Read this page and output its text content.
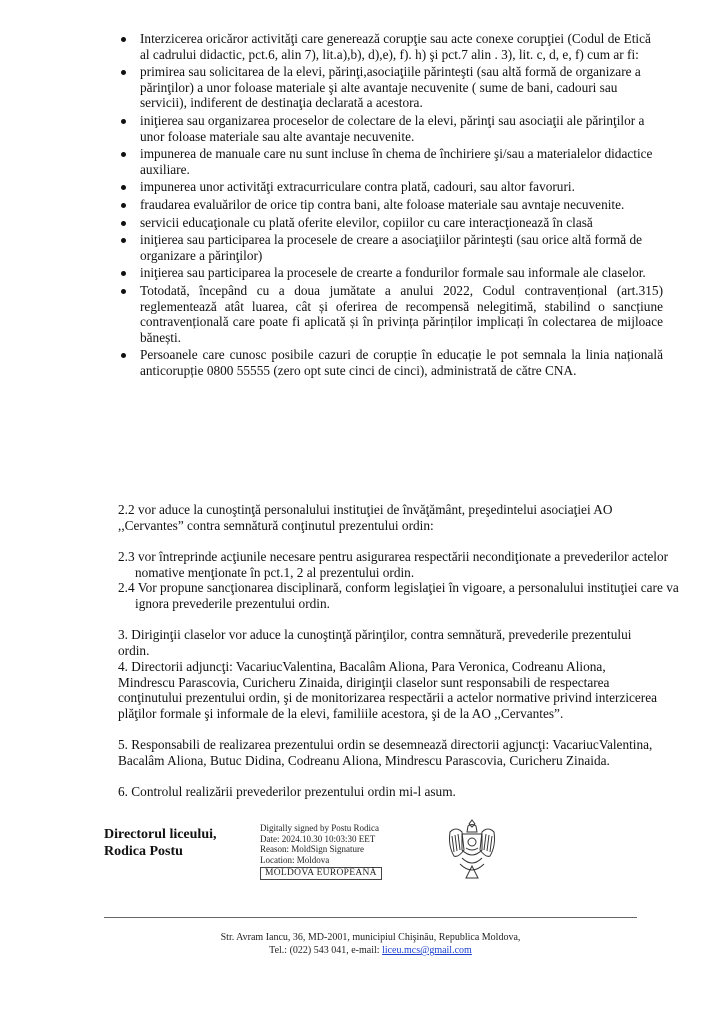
Interzicerea oricăror activităţi care generează corupţie sau acte conexe corupţiei (Codul de Etică al cadrului didactic, pct.6, alin 7), lit.a),b), d),e), f). h) şi pct.7 alin . 3), lit. c, d, e, f) cum ar fi:
primirea sau solicitarea de la elevi, părinţi,asociaţiile părinteşti (sau altă formă de organizare a părinţilor) a unor foloase materiale şi alte avantaje necuvenite ( sume de bani, cadouri sau servicii), indiferent de destinaţia declarată a acestora.
iniţierea sau organizarea proceselor de colectare de la elevi, părinţi sau asociaţii ale părinţilor a unor foloase materiale sau alte avantaje necuvenite.
impunerea de manuale care nu sunt incluse în chema de închiriere şi/sau a materialelor didactice auxiliare.
impunerea unor activităţi extracurriculare contra plată, cadouri, sau altor favoruri.
fraudarea evaluărilor de orice tip contra bani, alte foloase materiale sau avntaje necuvenite.
servicii educaţionale cu plată oferite elevilor, copiilor cu care interacţionează în clasă
iniţierea sau participarea la procesele de creare a asociaţiilor părinteşti (sau orice altă formă de organizare a părinţilor)
iniţierea sau participarea la procesele de crearte a fondurilor formale sau informale ale claselor.
Totodată, începând cu a doua jumătate a anului 2022, Codul contravențional (art.315) reglementează atât luarea, cât și oferirea de recompensă nelegitimă, stabilind o sancțiune contravențională care poate fi aplicată și în privința părinților implicați în colectarea de mijloace bănești.
Persoanele care cunosc posibile cazuri de corupție în educație le pot semnala la linia națională anticorupție 0800 55555 (zero opt sute cinci de cinci), administrată de către CNA.

2.2 vor aduce la cunoştinţă personalului instituţiei de învăţământ, preşedintelui asociaţiei AO ,,Cervantes” contra semnătură conţinutul prezentului ordin:

2.3 vor întreprinde acţiunile necesare pentru asigurarea respectării necondiţionate a prevederilor actelor nomative menţionate în pct.1, 2 al prezentului ordin.

2.4 Vor propune sancţionarea disciplinară, conform legislaţiei în vigoare, a personalului instituţiei care va ignora prevederile prezentului ordin.

3. Diriginţii claselor vor aduce la cunoştinţă părinţilor, contra semnătură, prevederile prezentului ordin.

4. Directorii adjuncţi: VacariucValentina, Bacalâm Aliona, Para Veronica, Codreanu Aliona, Mindrescu Parascovia, Curicheru Zinaida, diriginţii claselor sunt responsabili de respectarea conţinutului prezentului ordin, şi de monitorizarea respectării a actelor normative privind interzicerea plăţilor formale şi informale de la elevi, familiile acestora, şi de la AO ,,Cervantes”.

5. Responsabili de realizarea prezentului ordin se desemnează directorii agjuncţi: VacariucValentina, Bacalâm Aliona, Butuc Didina, Codreanu Aliona, Mindrescu Parascovia, Curicheru Zinaida.

6. Controlul realizării prevederilor prezentului ordin mi-l asum.

Directorul liceului,
Rodica Postu
Digitally signed by Postu Rodica
Date: 2024.10.30 10:03:30 EET
Reason: MoldSign Signature
Location: Moldova
MOLDOVA EUROPEANĂ
Str. Avram Iancu, 36, MD-2001, municipiul Chişinău, Republica Moldova,
Tel.: (022) 543 041, e-mail: liceu.mcs@gmail.com
